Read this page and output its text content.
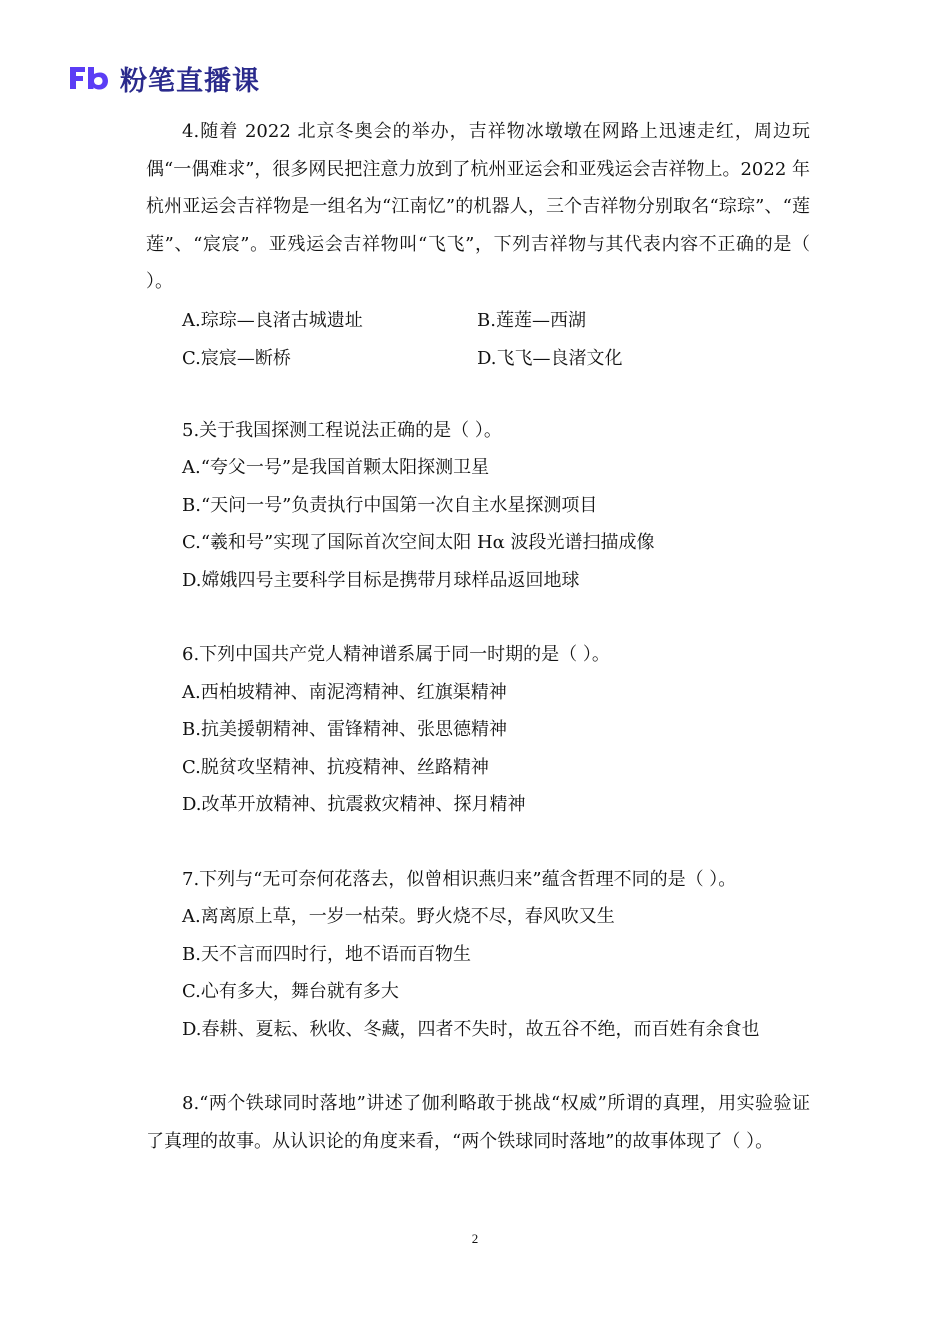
粉笔直播课

4.随着 2022 北京冬奥会的举办，吉祥物冰墩墩在网路上迅速走红，周边玩偶“一偶难求”，很多网民把注意力放到了杭州亚运会和亚残运会吉祥物上。2022 年杭州亚运会吉祥物是一组名为“江南忆”的机器人，三个吉祥物分别取名“琮琮”、“莲莲”、“宸宸”。亚残运会吉祥物叫“飞飞”，下列吉祥物与其代表内容不正确的是（ ）。

A.琮琮—良渚古城遗址	B.莲莲—西湖
C.宸宸—断桥	D.飞飞—良渚文化

5.关于我国探测工程说法正确的是（ ）。

A.“夸父一号”是我国首颗太阳探测卫星
B.“天问一号”负责执行中国第一次自主水星探测项目
C.“羲和号”实现了国际首次空间太阳 Hα 波段光谱扫描成像
D.嫦娥四号主要科学目标是携带月球样品返回地球

6.下列中国共产党人精神谱系属于同一时期的是（ ）。

A.西柏坡精神、南泥湾精神、红旗渠精神
B.抗美援朝精神、雷锋精神、张思德精神
C.脱贫攻坚精神、抗疫精神、丝路精神
D.改革开放精神、抗震救灾精神、探月精神

7.下列与“无可奈何花落去，似曾相识燕归来”蕴含哲理不同的是（ ）。

A.离离原上草，一岁一枯荣。野火烧不尽，春风吹又生
B.天不言而四时行，地不语而百物生
C.心有多大，舞台就有多大
D.春耕、夏耘、秋收、冬藏，四者不失时，故五谷不绝，而百姓有余食也

8.“两个铁球同时落地”讲述了伽利略敢于挑战“权威”所谓的真理，用实验验证了真理的故事。从认识论的角度来看，“两个铁球同时落地”的故事体现了（ ）。

2
